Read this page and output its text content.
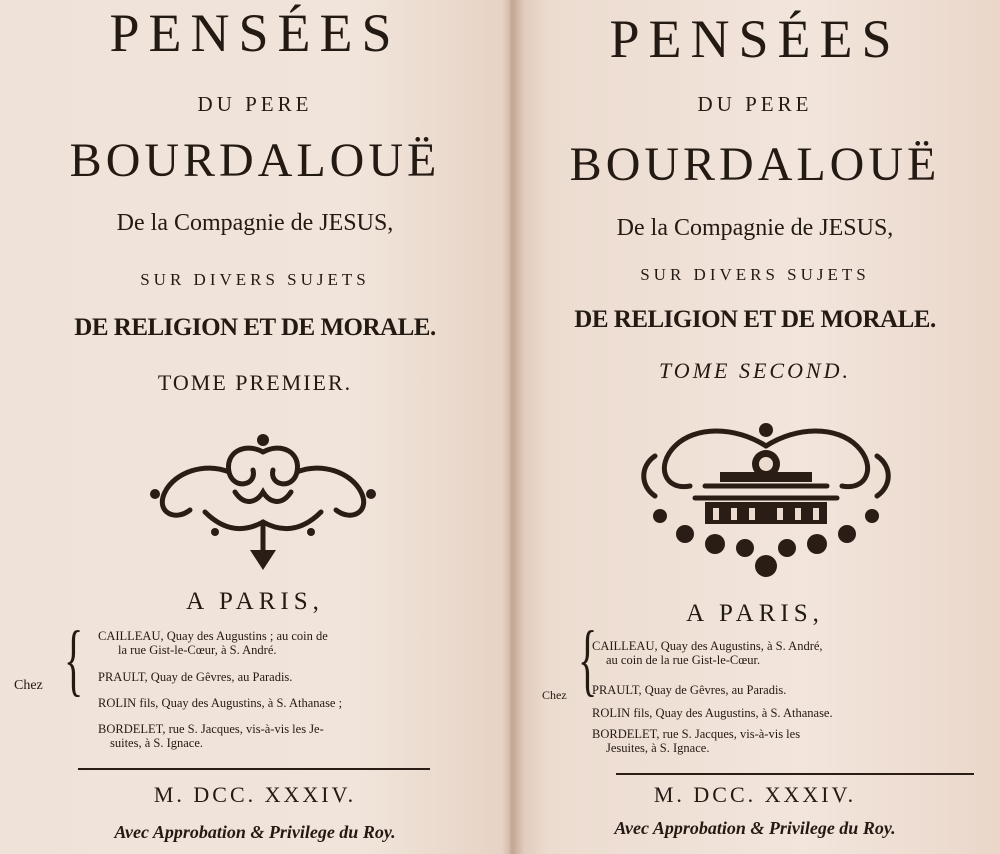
PENSÉES
DU PERE
BOURDALOUË
De la Compagnie de JESUS,
SUR DIVERS SUJETS
DE RELIGION ET DE MORALE.
TOME PREMIER.
A PARIS,
Chez { CAILLEAU, Quay des Augustins ; au coin de
la rue Gist-le-Cœur, à S. André.
PRAULT, Quay de Gêvres, au Paradis.
ROLIN fils, Quay des Augustins, à S. Athanase ;
BORDELET, rue S. Jacques, vis-à-vis les Je-
suites, à S. Ignace.
M. DCC. XXXIV.
Avec Approbation & Privilege du Roy.
PENSÉES
DU PERE
BOURDALOUË
De la Compagnie de JESUS,
SUR DIVERS SUJETS
DE RELIGION ET DE MORALE.
TOME SECOND.
A PARIS,
Chez {
CAILLEAU, Quay des Augustins, à S. André,
au coin de la rue Gist-le-Cœur.
PRAULT, Quay de Gêvres, au Paradis.
ROLIN fils, Quay des Augustins, à S. Athanase.
BORDELET, rue S. Jacques, vis-à-vis les
Jesuites, à S. Ignace.
M. DCC. XXXIV.
Avec Approbation & Privilege du Roy.
